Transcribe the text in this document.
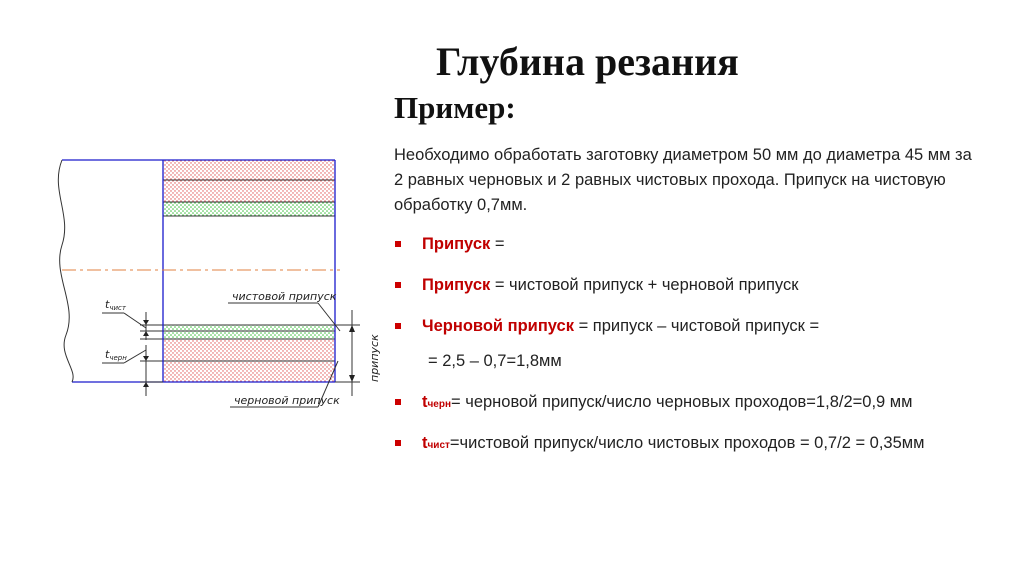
чистовой припуск
черновой припуск
припуск
tчист
tчерн
Глубина резания
Пример:
Необходимо обработать заготовку диаметром 50 мм до диаметра 45 мм за 2 равных черновых и 2 равных чистовых прохода. Припуск на чистовую обработку 0,7мм.
Припуск =
Припуск = чистовой припуск + черновой припуск
Черновой припуск = припуск – чистовой припуск =
= 2,5 – 0,7=1,8мм
tчерн= черновой припуск/число черновых проходов=1,8/2=0,9 мм
tчист=чистовой припуск/число чистовых проходов = 0,7/2 = 0,35мм
